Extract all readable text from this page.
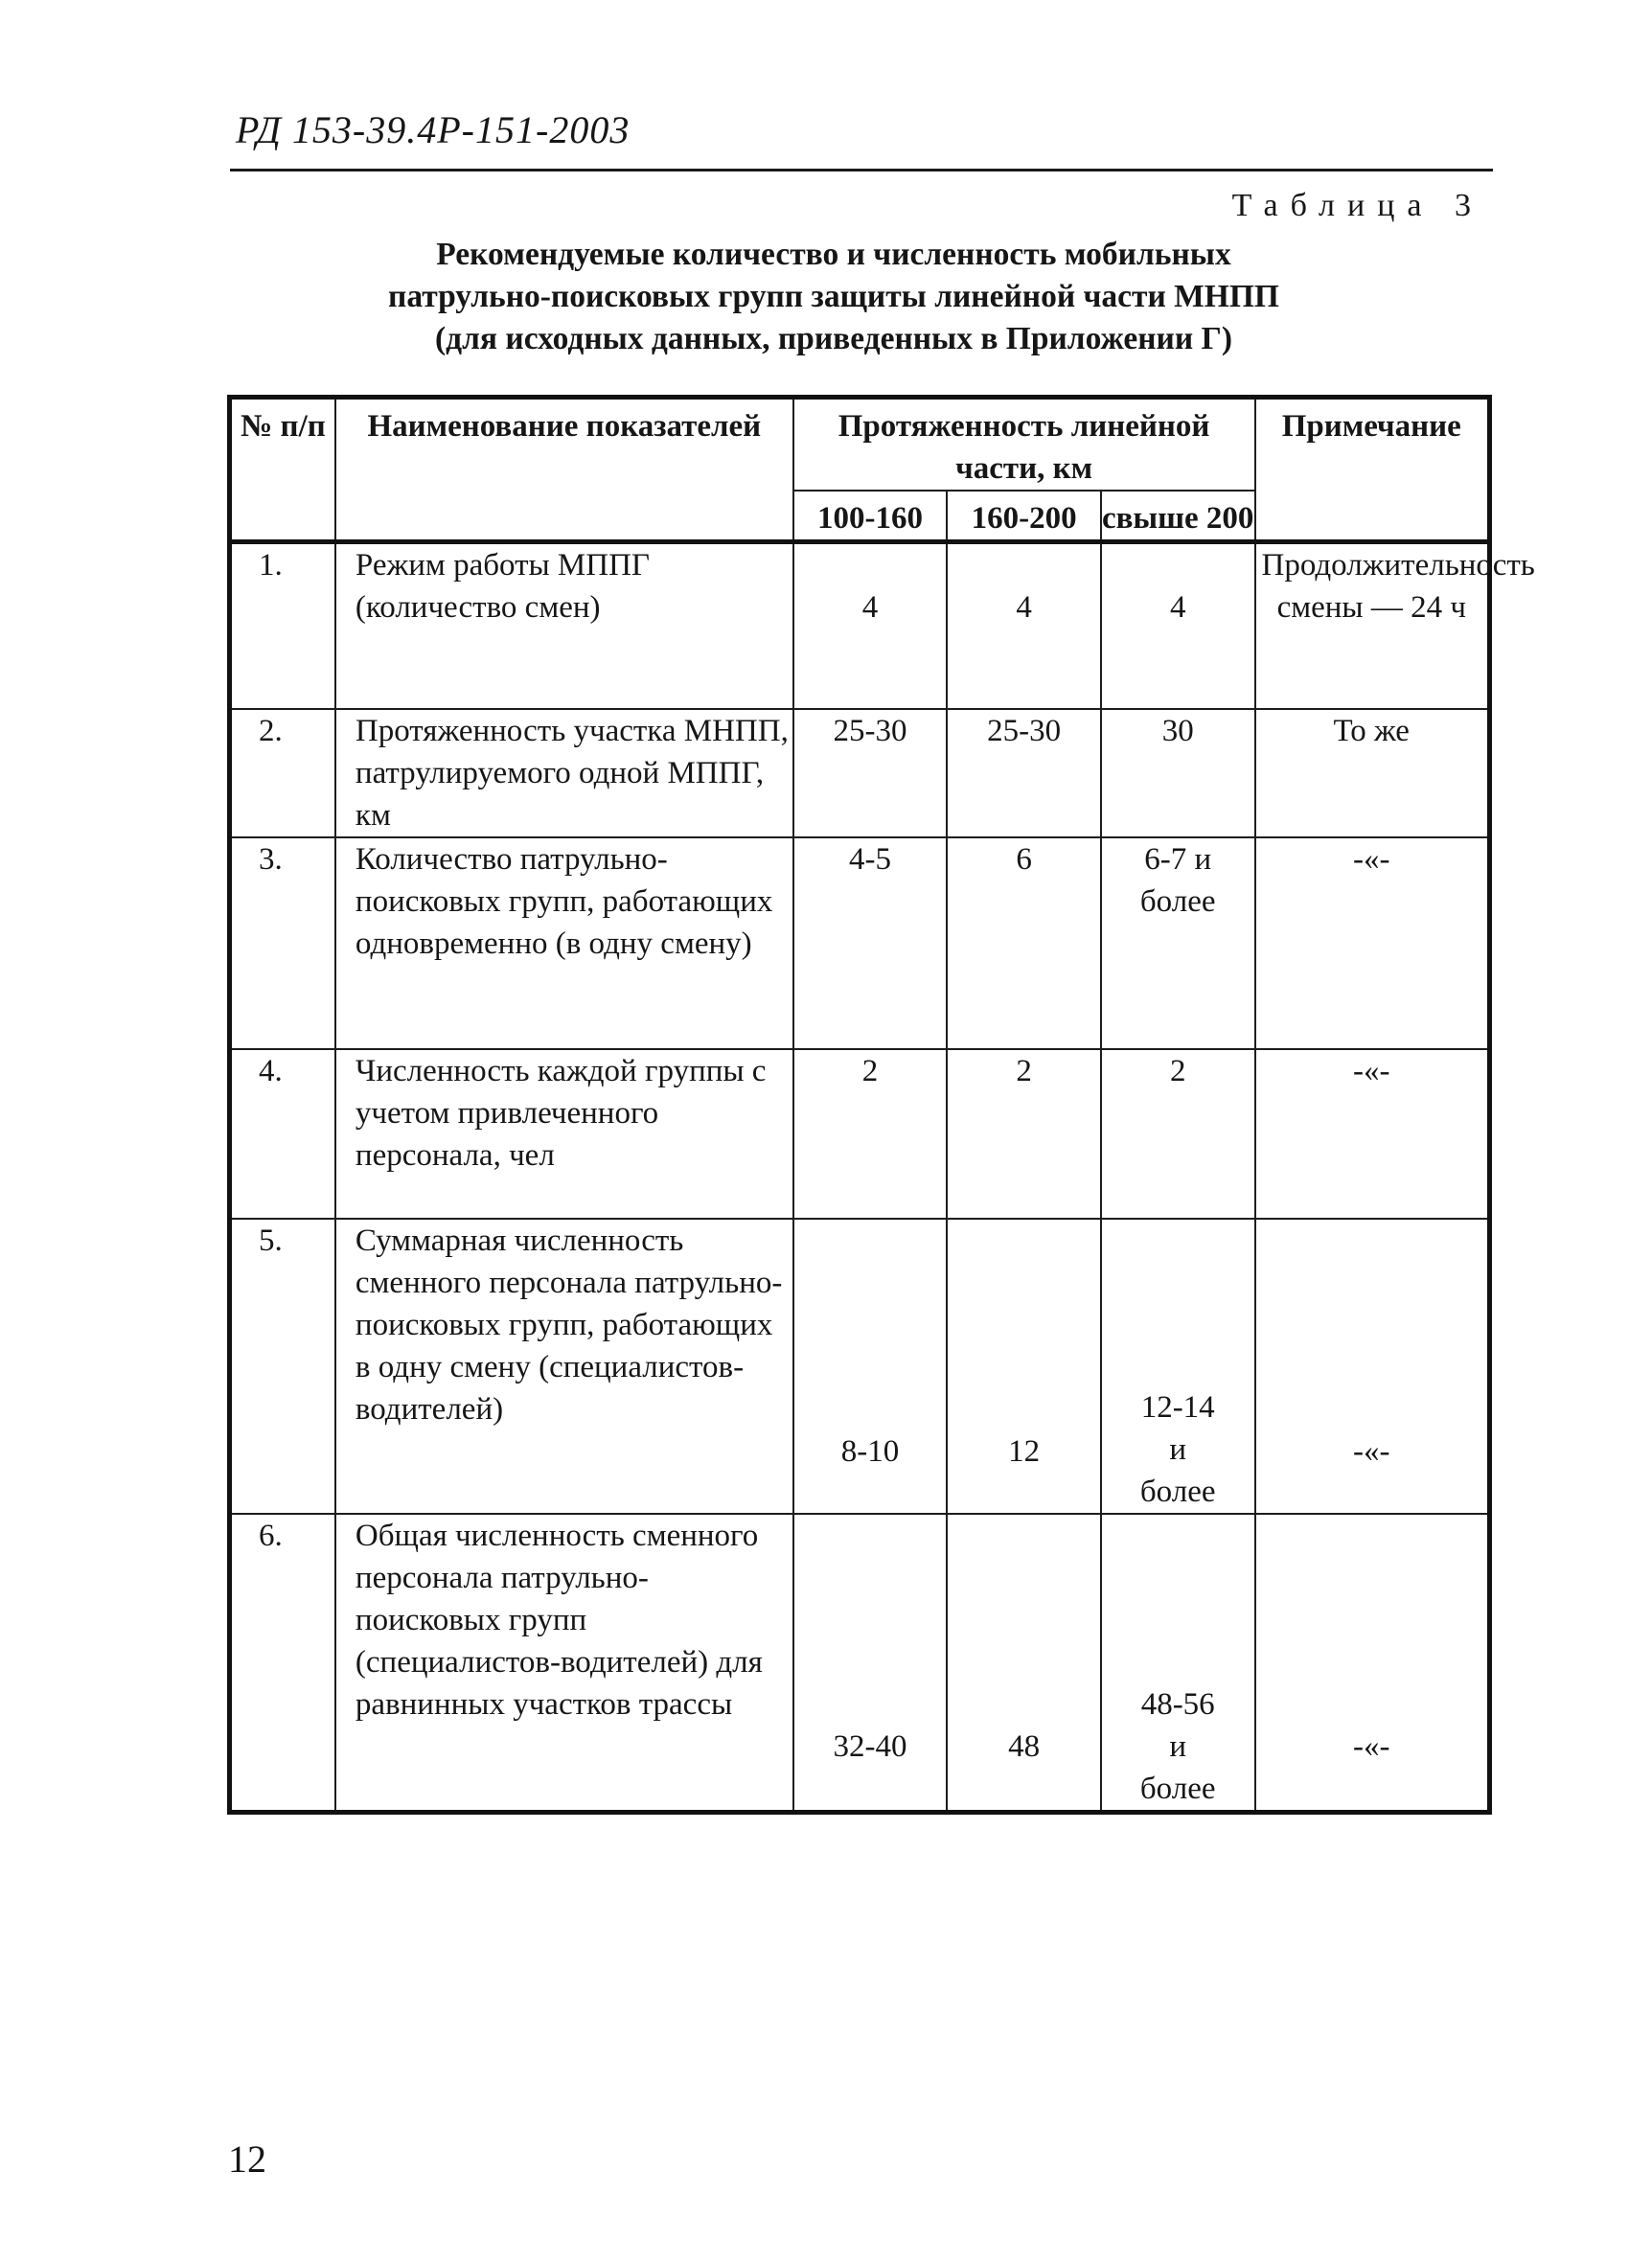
РД 153-39.4Р-151-2003
Таблица 3
Рекомендуемые количество и численность мобильных
патрульно-поисковых групп защиты линейной части МНПП
(для исходных данных, приведенных в Приложении Г)
№ п/п	Наименование показателей	Протяженность линейной части, км			Примечание
		100-160	160-200	свыше 200	
1.	Режим работы МППГ (количество смен)	4	4	4	Продолжительность смены — 24 ч
2.	Протяженность участка МНПП, патрулируемого одной МППГ, км	25-30	25-30	30	То же
3.	Количество патрульно-поисковых групп, работающих одновременно (в одну смену)	4-5	6	6-7 и более	-«-
4.	Численность каждой группы с учетом привлеченного персонала, чел	2	2	2	-«-
5.	Суммарная численность сменного персонала патрульно-поисковых групп, работающих в одну смену (специалистов-водителей)	8-10	12	12-14 и более	-«-
6.	Общая численность сменного персонала патрульно-поисковых групп (специалистов-водителей) для равнинных участков трассы	32-40	48	48-56 и более	-«-
12
